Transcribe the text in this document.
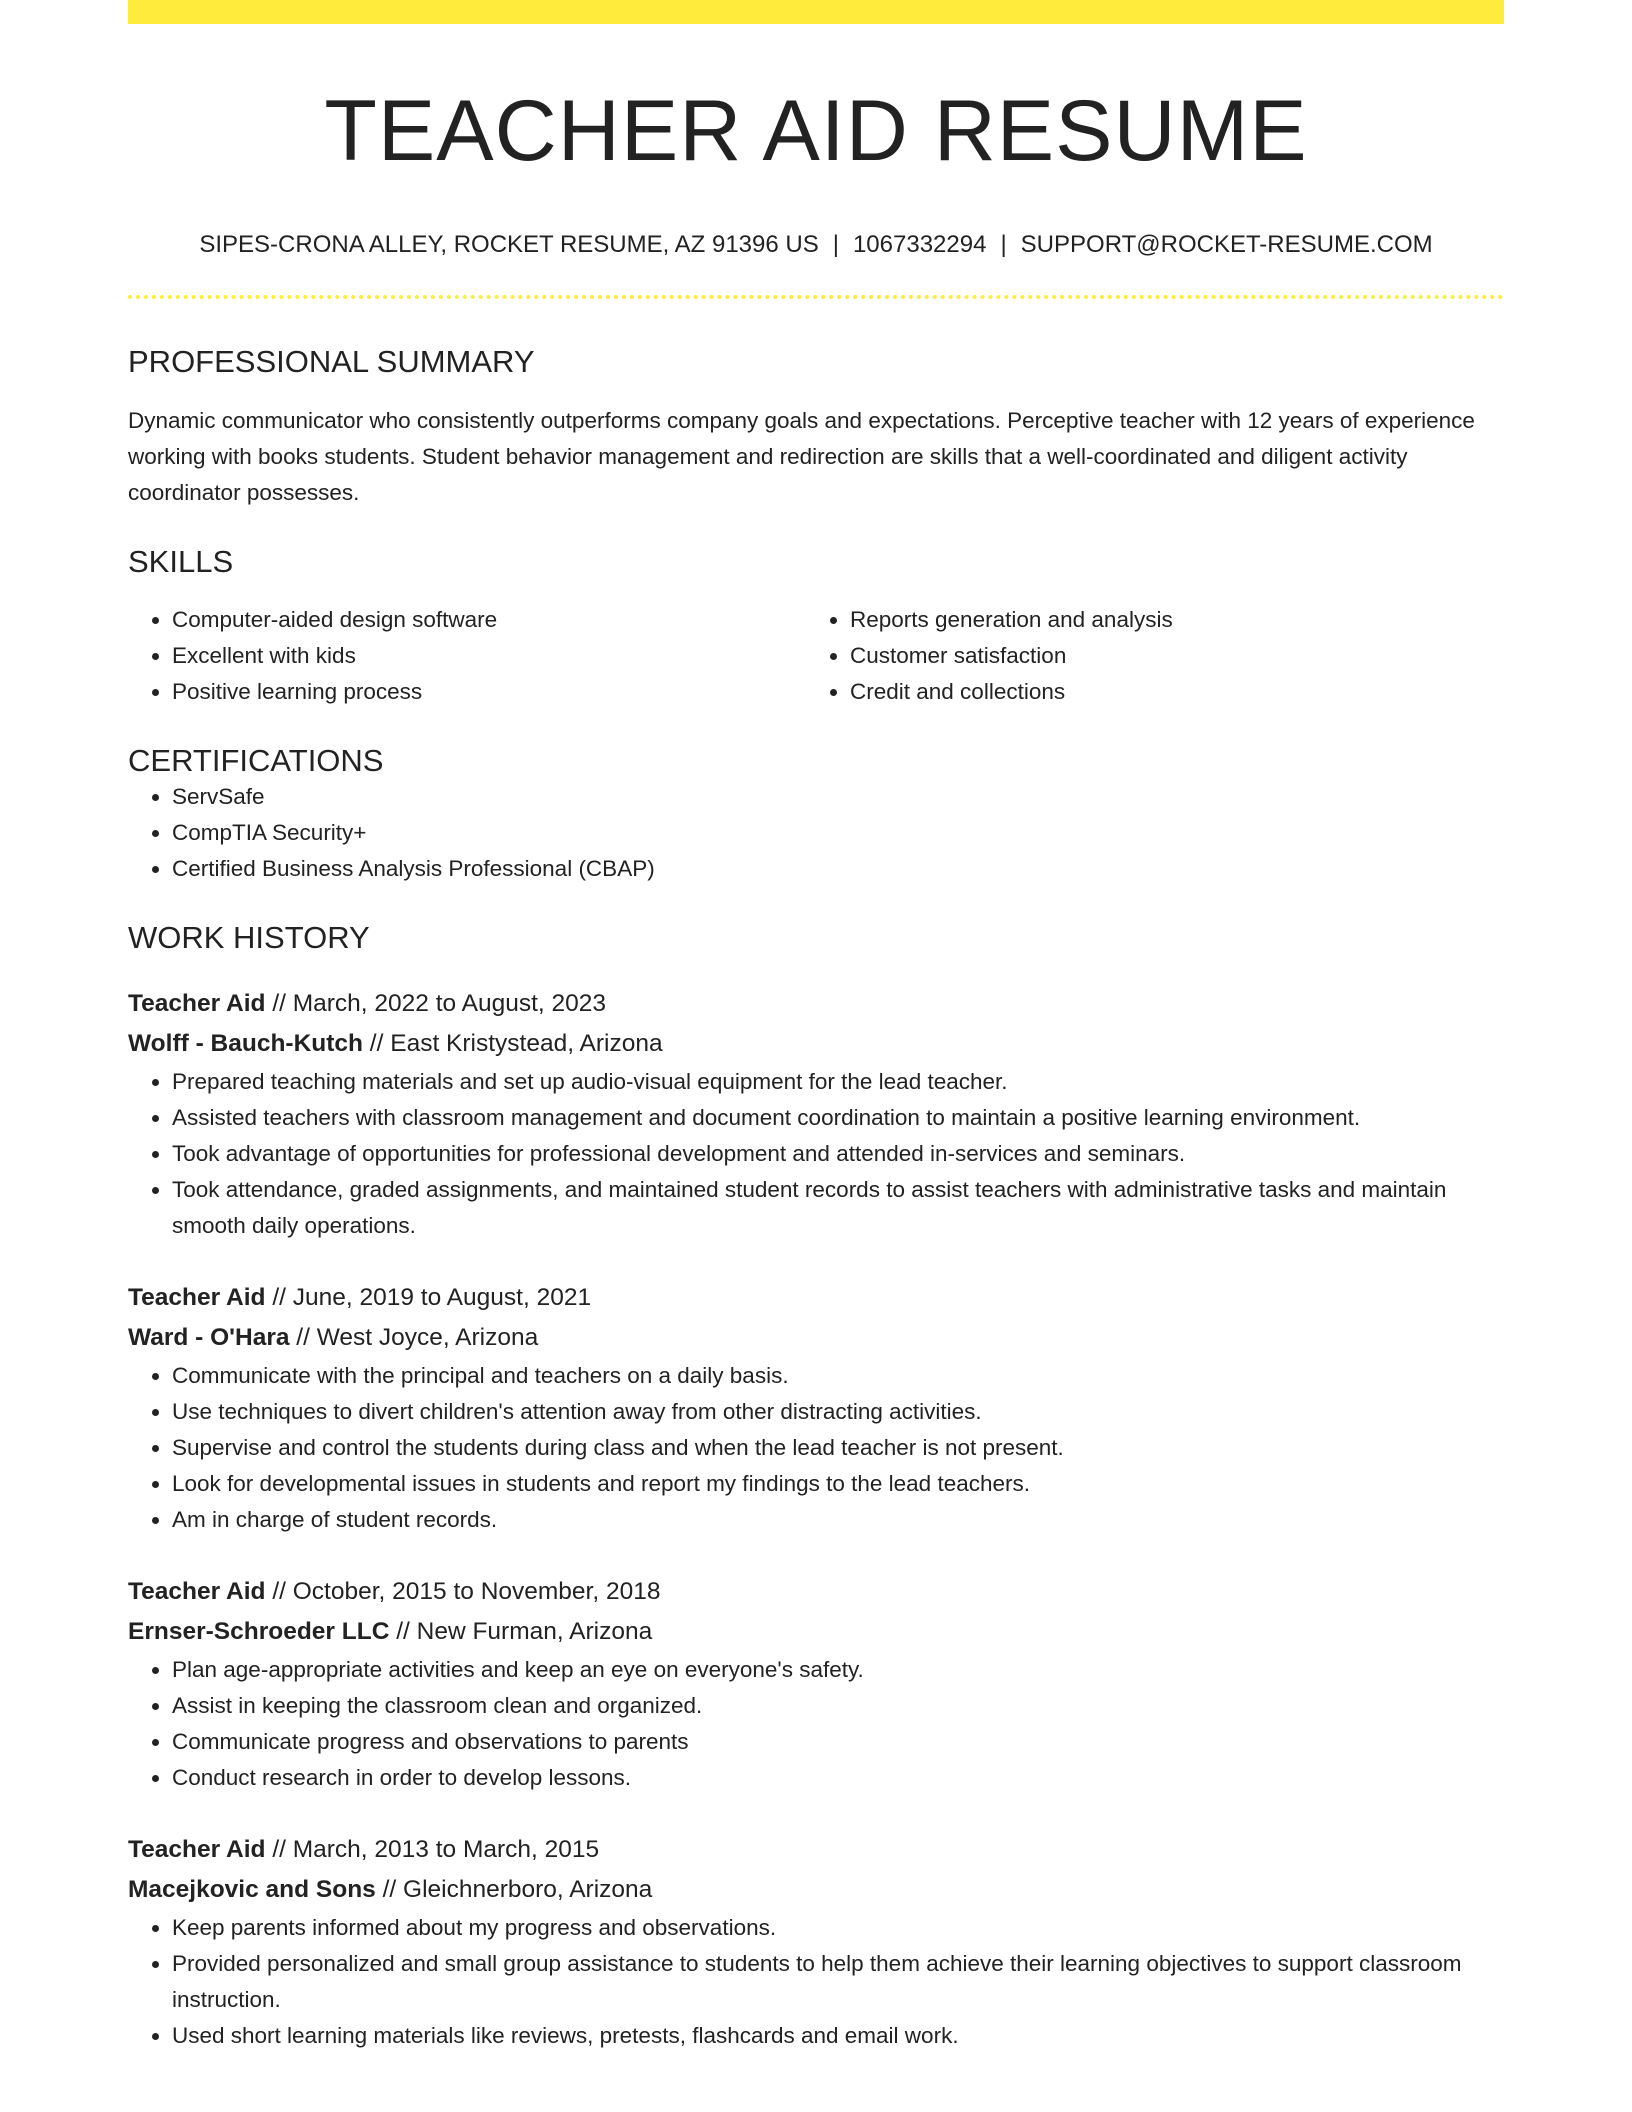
TEACHER AID RESUME
SIPES-CRONA ALLEY, ROCKET RESUME, AZ 91396 US | 1067332294 | SUPPORT@ROCKET-RESUME.COM
PROFESSIONAL SUMMARY

Dynamic communicator who consistently outperforms company goals and expectations. Perceptive teacher with 12 years of experience working with books students. Student behavior management and redirection are skills that a well-coordinated and diligent activity coordinator possesses.

SKILLS
• Computer-aided design software
• Excellent with kids
• Positive learning process
• Reports generation and analysis
• Customer satisfaction
• Credit and collections
CERTIFICATIONS
• ServSafe
• CompTIA Security+
• Certified Business Analysis Professional (CBAP)
WORK HISTORY
Teacher Aid // March, 2022 to August, 2023
Wolff - Bauch-Kutch // East Kristystead, Arizona
• Prepared teaching materials and set up audio-visual equipment for the lead teacher.
• Assisted teachers with classroom management and document coordination to maintain a positive learning environment.
• Took advantage of opportunities for professional development and attended in-services and seminars.
• Took attendance, graded assignments, and maintained student records to assist teachers with administrative tasks and maintain smooth daily operations.
Teacher Aid // June, 2019 to August, 2021
Ward - O'Hara // West Joyce, Arizona
• Communicate with the principal and teachers on a daily basis.
• Use techniques to divert children's attention away from other distracting activities.
• Supervise and control the students during class and when the lead teacher is not present.
• Look for developmental issues in students and report my findings to the lead teachers.
• Am in charge of student records.
Teacher Aid // October, 2015 to November, 2018
Ernser-Schroeder LLC // New Furman, Arizona
• Plan age-appropriate activities and keep an eye on everyone's safety.
• Assist in keeping the classroom clean and organized.
• Communicate progress and observations to parents
• Conduct research in order to develop lessons.
Teacher Aid // March, 2013 to March, 2015
Macejkovic and Sons // Gleichnerboro, Arizona
• Keep parents informed about my progress and observations.
• Provided personalized and small group assistance to students to help them achieve their learning objectives to support classroom instruction.
• Used short learning materials like reviews, pretests, flashcards and email work.
